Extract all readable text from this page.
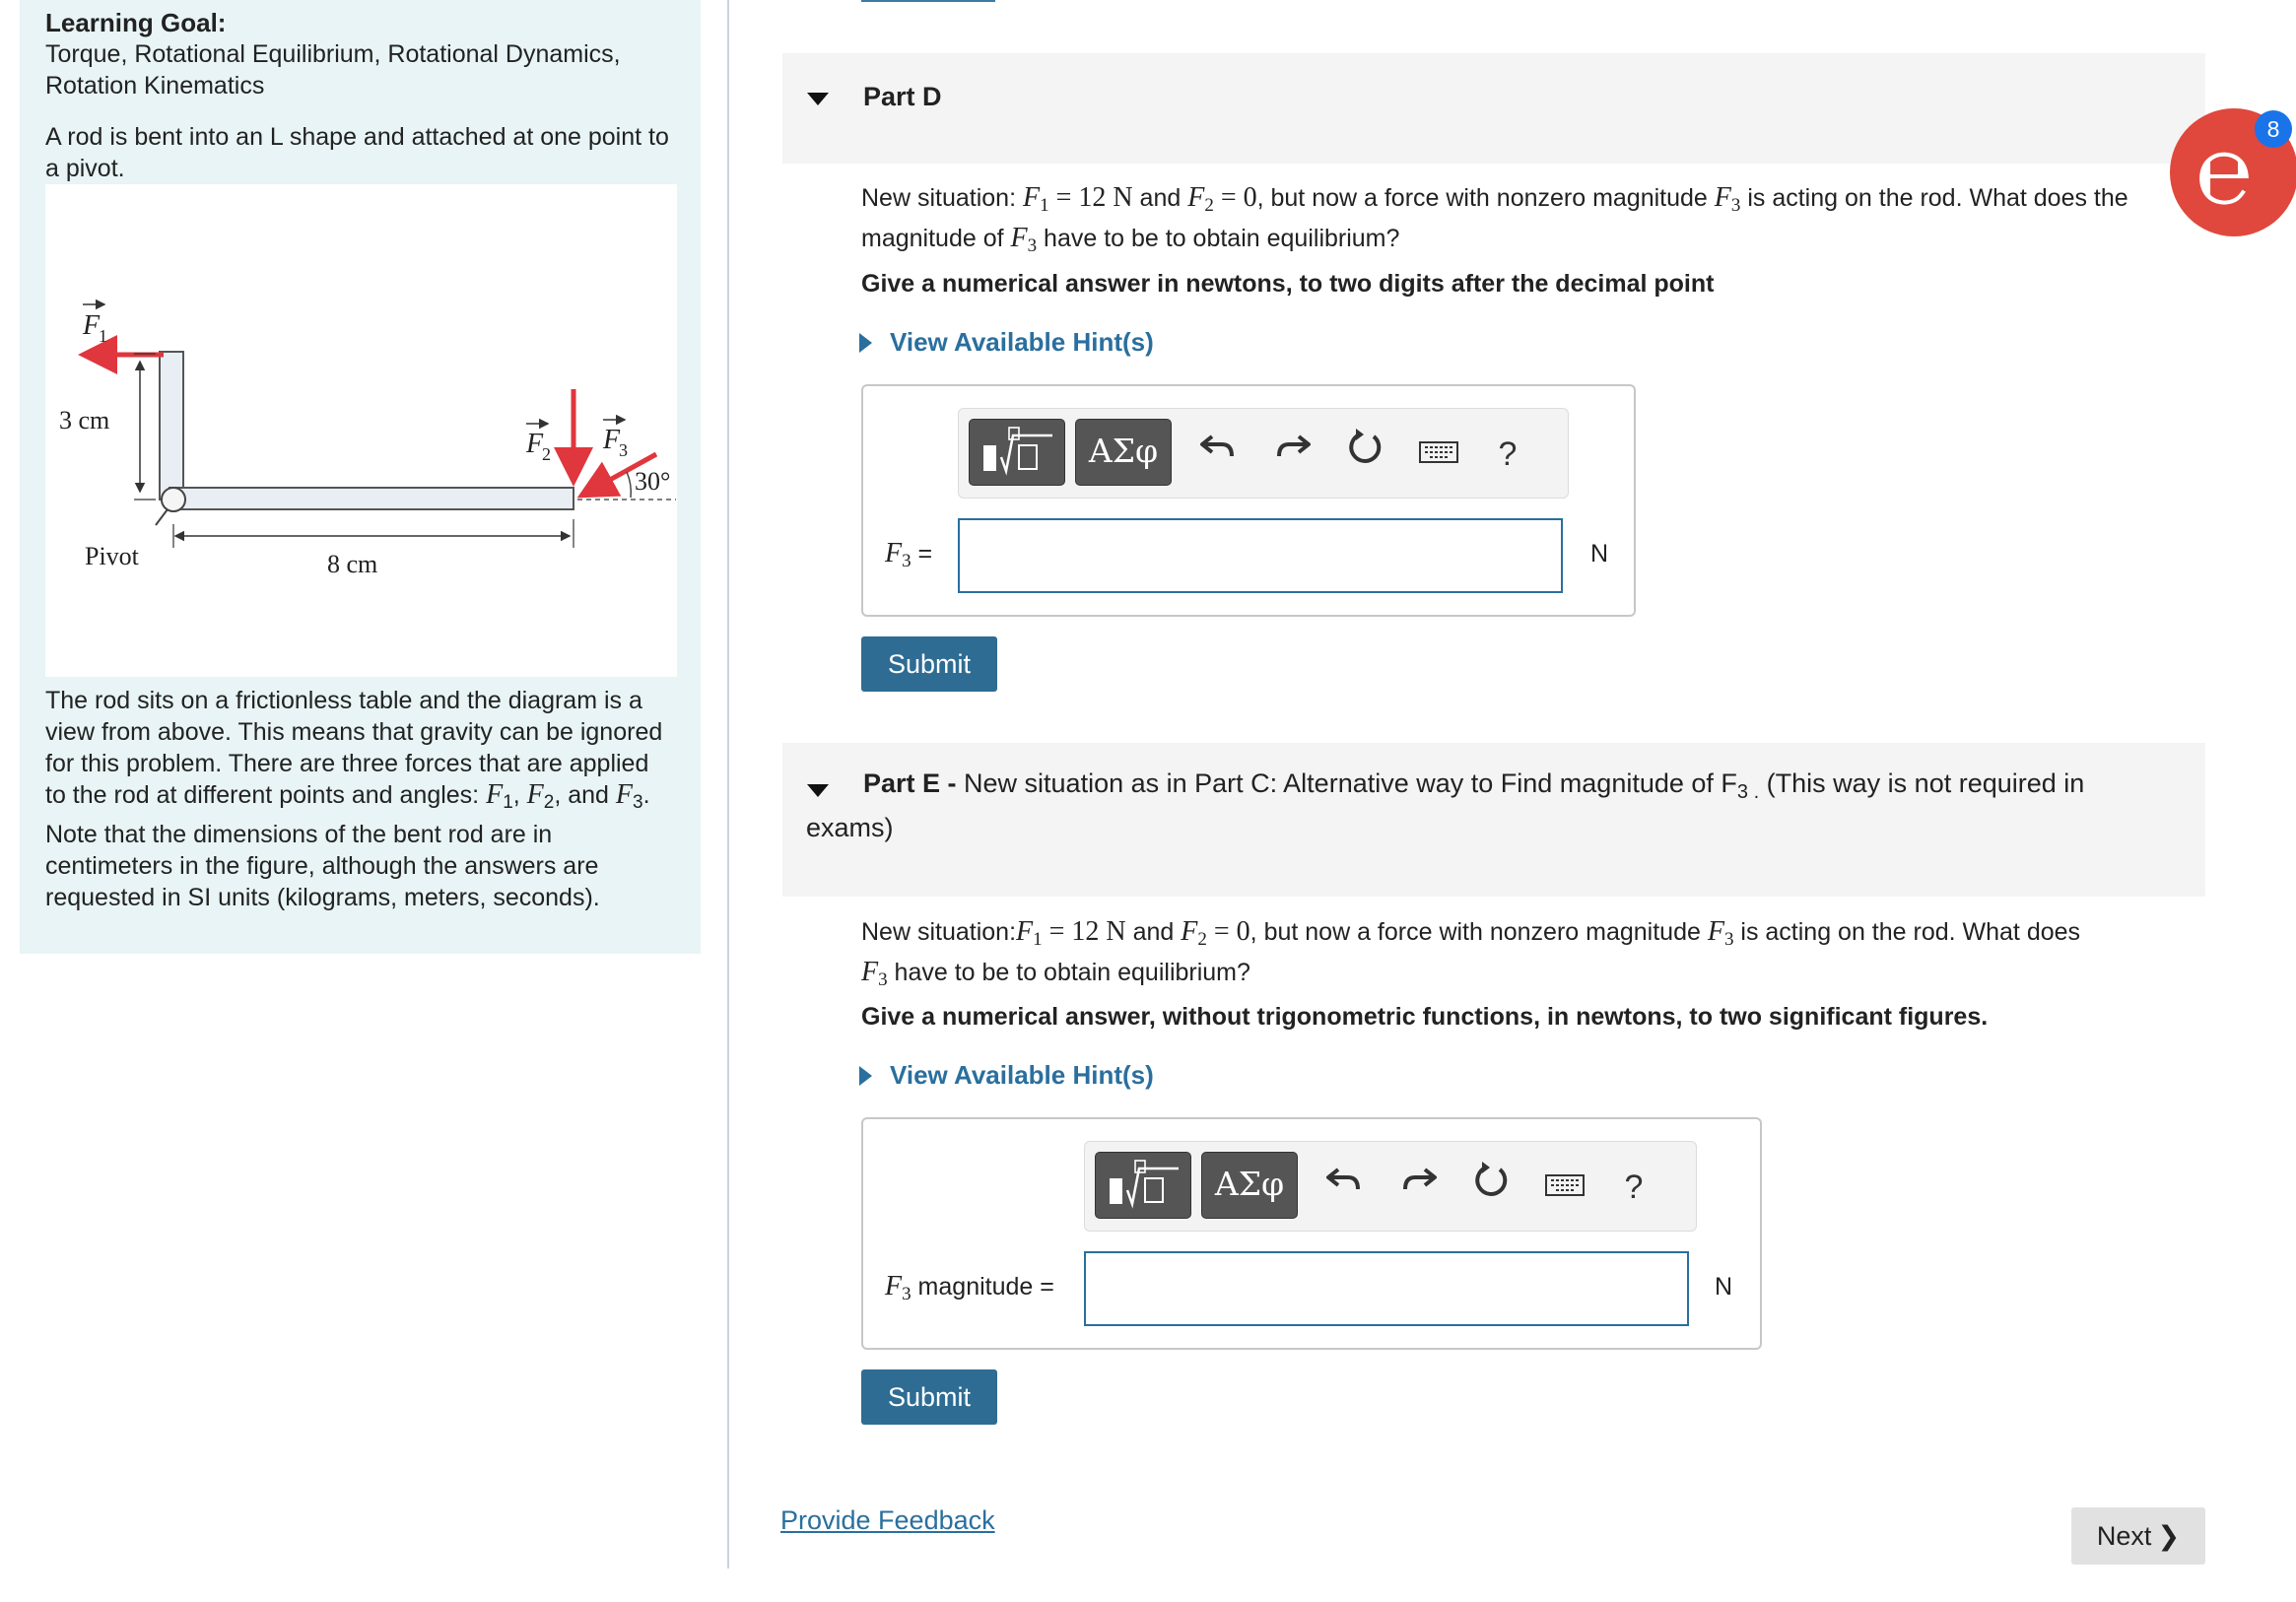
Learning Goal:
Torque, Rotational Equilibrium, Rotational Dynamics, Rotation Kinematics
A rod is bent into an L shape and attached at one point to a pivot.
F
1
F
2 F
3
30°
3 cm
8 cm
Pivot
The rod sits on a frictionless table and the diagram is a view from above. This means that gravity can be ignored for this problem. There are three forces that are applied to the rod at different points and angles: $F_1$, $F_2$, and $F_3$. Note that the dimensions of the bent rod are in centimeters in the figure, although the answers are requested in SI units (kilograms, meters, seconds).
Part D
New situation: F1 = 12 N and F2 = 0, but now a force with nonzero magnitude F3 is acting on the rod. What does the
magnitude of F3 have to be to obtain equilibrium?
Give a numerical answer in newtons, to two digits after the decimal point
View Available Hint(s)
ΑΣφ	?
F3 =	N
Submit
Part E - New situation as in Part C: Alternative way to Find magnitude of $F_{3 .}$ (This way is not required in exams)
New situation:F1 = 12 N and F2 = 0, but now a force with nonzero magnitude F3 is acting on the rod. What does
F3 have to be to obtain equilibrium?
Give a numerical answer, without trigonometric functions, in newtons, to two significant figures.
View Available Hint(s)
ΑΣφ	?
F3 magnitude =	N
Submit
Provide Feedback
Next ❯
℮ 8
